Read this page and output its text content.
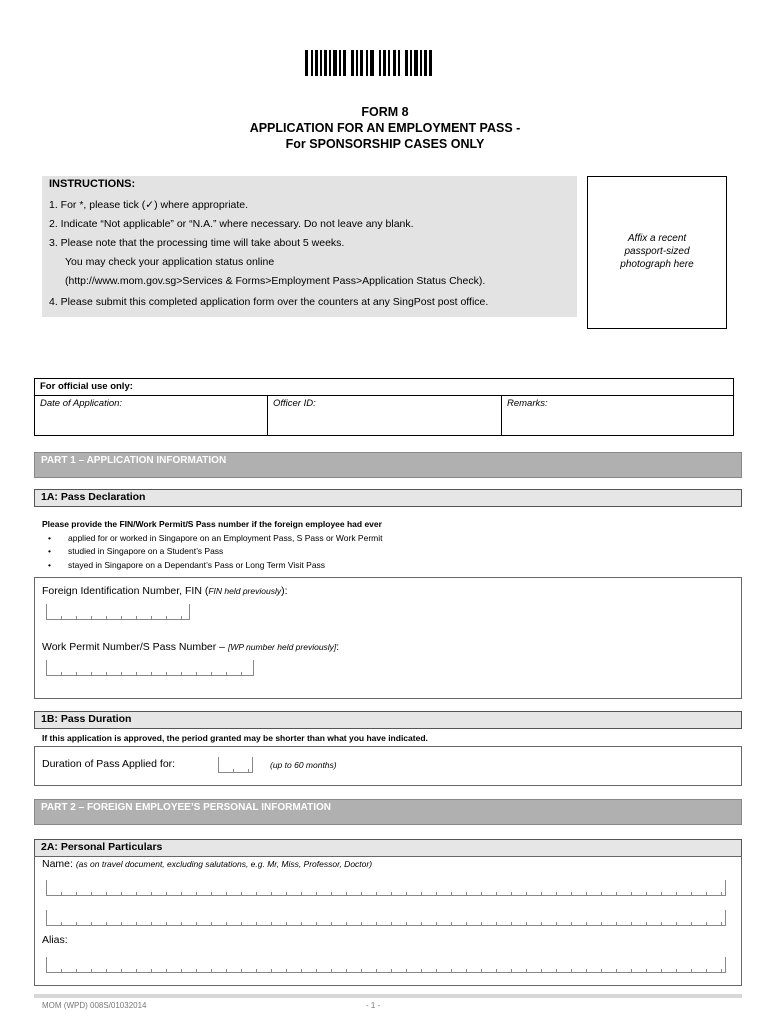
FORM 8
APPLICATION FOR AN EMPLOYMENT PASS -
For SPONSORSHIP CASES ONLY
INSTRUCTIONS:
1. For *, please tick (✓) where appropriate.
2. Indicate “Not applicable” or “N.A.” where necessary. Do not leave any blank.
3. Please note that the processing time will take about 5 weeks.
You may check your application status online
(http://www.mom.gov.sg>Services & Forms>Employment Pass>Application Status Check).
4. Please submit this completed application form over the counters at any SingPost post office.
Affix a recent
passport-sized
photograph here
For official use only:
Date of Application:	Officer ID:	Remarks:
PART 1 – APPLICATION INFORMATION
1A: Pass Declaration
Please provide the FIN/Work Permit/S Pass number if the foreign employee had ever
• applied for or worked in Singapore on an Employment Pass, S Pass or Work Permit
• studied in Singapore on a Student’s Pass
• stayed in Singapore on a Dependant’s Pass or Long Term Visit Pass
Foreign Identification Number, FIN (FIN held previously):
Work Permit Number/S Pass Number – [WP number held previously]:
1B: Pass Duration
If this application is approved, the period granted may be shorter than what you have indicated.
Duration of Pass Applied for:	(up to 60 months)
PART 2 – FOREIGN EMPLOYEE’S PERSONAL INFORMATION
2A: Personal Particulars
Name: (as on travel document, excluding salutations, e.g. Mr, Miss, Professor, Doctor)
Alias:
MOM (WPD) 008S/01032014	- 1 -
